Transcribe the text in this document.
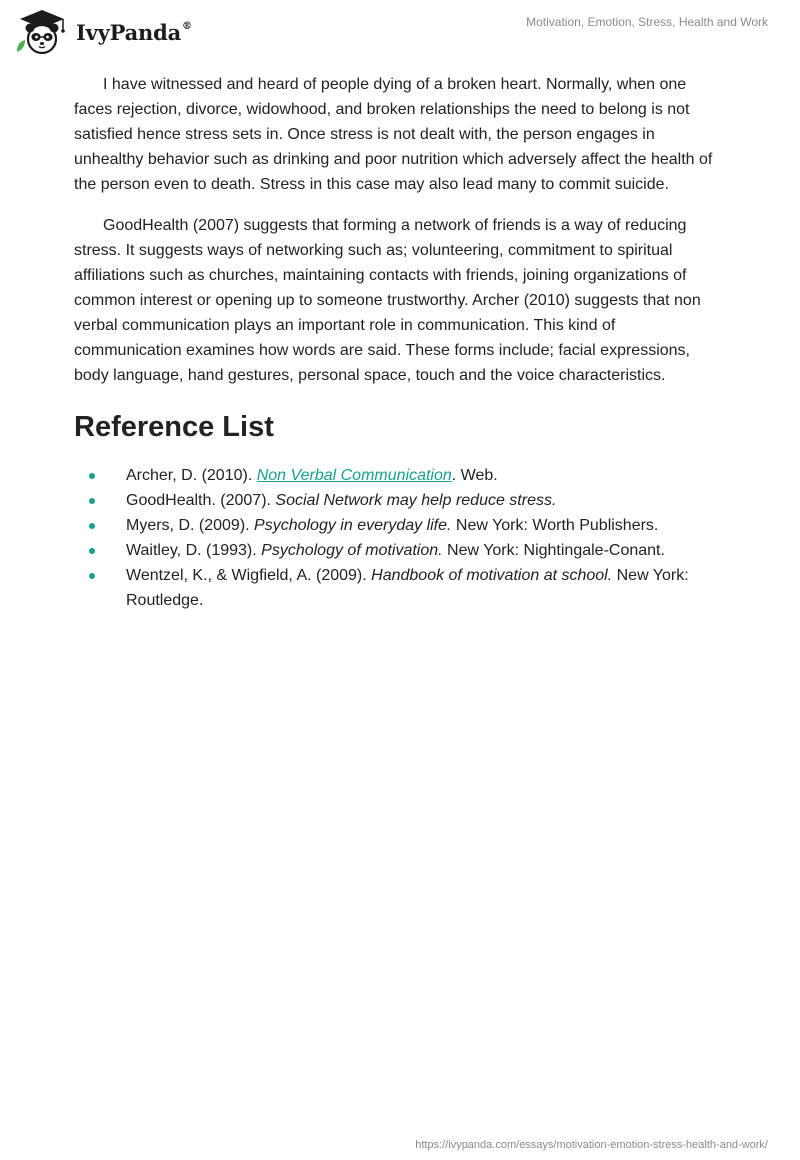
IvyPanda®	Motivation, Emotion, Stress, Health and Work

I have witnessed and heard of people dying of a broken heart. Normally, when one faces rejection, divorce, widowhood, and broken relationships the need to belong is not satisfied hence stress sets in. Once stress is not dealt with, the person engages in unhealthy behavior such as drinking and poor nutrition which adversely affect the health of the person even to death. Stress in this case may also lead many to commit suicide.

GoodHealth (2007) suggests that forming a network of friends is a way of reducing stress. It suggests ways of networking such as; volunteering, commitment to spiritual affiliations such as churches, maintaining contacts with friends, joining organizations of common interest or opening up to someone trustworthy. Archer (2010) suggests that non verbal communication plays an important role in communication. This kind of communication examines how words are said. These forms include; facial expressions, body language, hand gestures, personal space, touch and the voice characteristics.

Reference List
Archer, D. (2010). Non Verbal Communication. Web.
GoodHealth. (2007). Social Network may help reduce stress.
Myers, D. (2009). Psychology in everyday life. New York: Worth Publishers.
Waitley, D. (1993). Psychology of motivation. New York: Nightingale-Conant.
Wentzel, K., & Wigfield, A. (2009). Handbook of motivation at school. New York: Routledge.
https://ivypanda.com/essays/motivation-emotion-stress-health-and-work/
